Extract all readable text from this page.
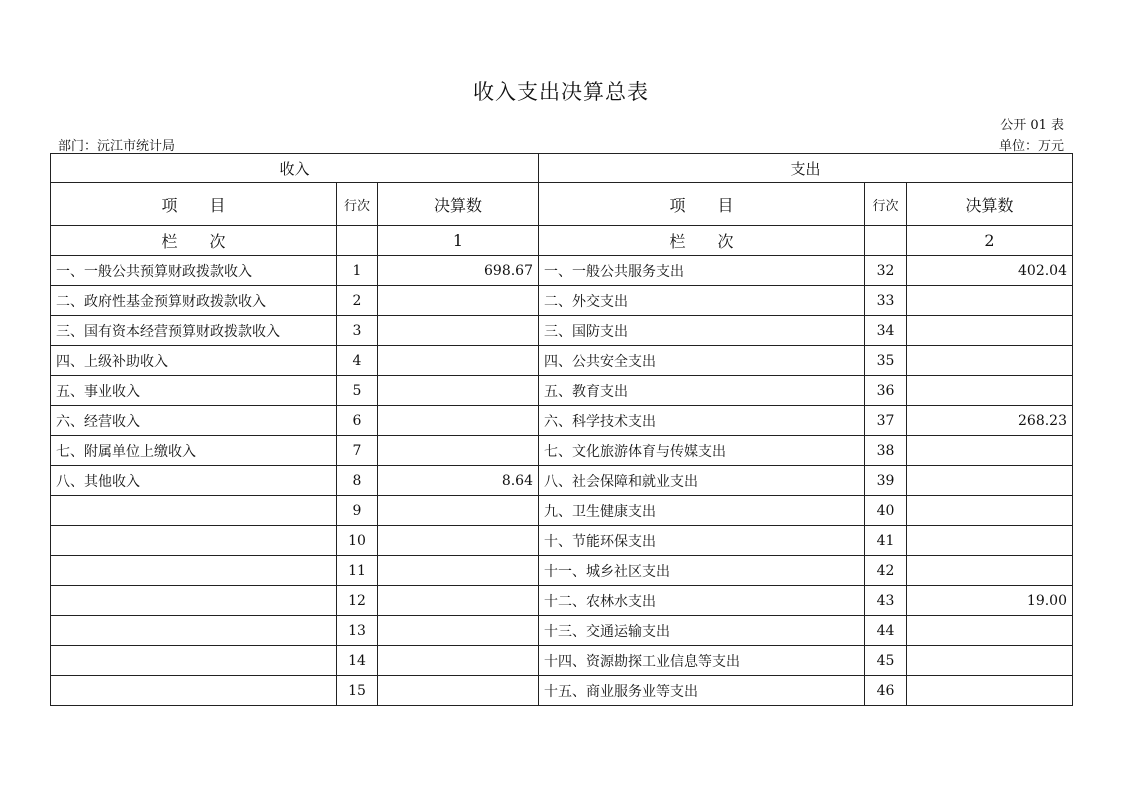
收入支出决算总表
公开 01 表
部门：沅江市统计局	单位：万元
收入			支出		
项　　目	行次	决算数	项　　目	行次	决算数
栏　　次		1	栏　　次		2
一、一般公共预算财政拨款收入	1	698.67	一、一般公共服务支出	32	402.04
二、政府性基金预算财政拨款收入	2		二、外交支出	33	
三、国有资本经营预算财政拨款收入	3		三、国防支出	34	
四、上级补助收入	4		四、公共安全支出	35	
五、事业收入	5		五、教育支出	36	
六、经营收入	6		六、科学技术支出	37	268.23
七、附属单位上缴收入	7		七、文化旅游体育与传媒支出	38	
八、其他收入	8	8.64	八、社会保障和就业支出	39	
	9		九、卫生健康支出	40	
	10		十、节能环保支出	41	
	11		十一、城乡社区支出	42	
	12		十二、农林水支出	43	19.00
	13		十三、交通运输支出	44	
	14		十四、资源勘探工业信息等支出	45	
	15		十五、商业服务业等支出	46	
